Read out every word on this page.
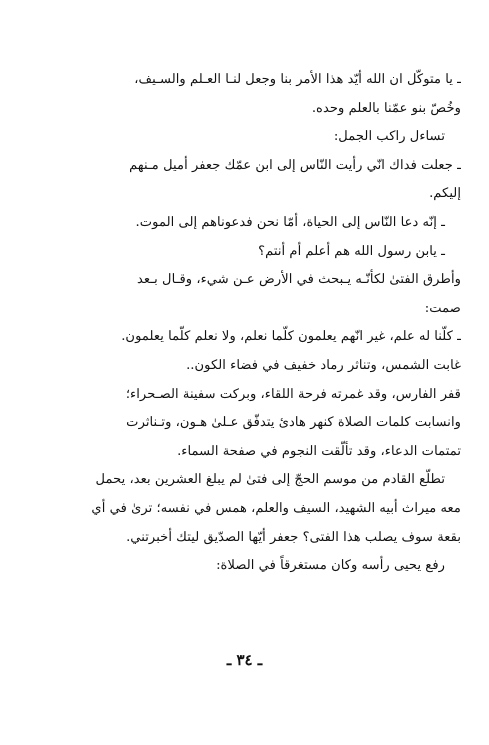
ـ يا متوكّل ان الله أيّد هذا الأمر بنا وجعل لنـا العـلم والسـيف،
وخُصّ بنو عمّنا بالعلم وحده.
تساءل راكب الجمل:
ـ جعلت فداك انّي رأيت النّاس إلى ابن عمّك جعفر أميل مـنهم
إليكم.
ـ إنّه دعا النّاس إلى الحياة، أمّا نحن فدعوناهم إلى الموت.
ـ يابن رسول الله هم أعلم أم أنتم؟
وأطرق الفتىٰ لكأنّـه يـبحث في الأرض عـن شيء، وقـال بـعد
صمت:
ـ كلّنا له علم، غير انّهم يعلمون كلّما نعلم، ولا نعلم كلّما يعلمون.
غابت الشمس، وتناثر رماد خفيف في فضاء الكون..
قفر الفارس، وقد غمرته فرحة اللقاء، وبركت سفينة الصـحراء؛
وانسابت كلمات الصلاة كنهر هادئ يتدفّق عـلىٰ هـون، وتـناثرت
تمتمات الدعاء، وقد تألّقت النجوم في صفحة السماء.
تطلّع القادم من موسم الحجّ إلى فتىٰ لم يبلغ العشرين بعد، يحمل
معه ميراث أبيه الشهيد، السيف والعلم، همس في نفسه؛ ترىٰ في أي
بقعة سوف يصلب هذا الفتى؟ جعفر أيّها الصدّيق ليتك أخبرتني.
رفع يحيى رأسه وكان مستغرقاً في الصلاة:
ـ ٣٤ ـ
